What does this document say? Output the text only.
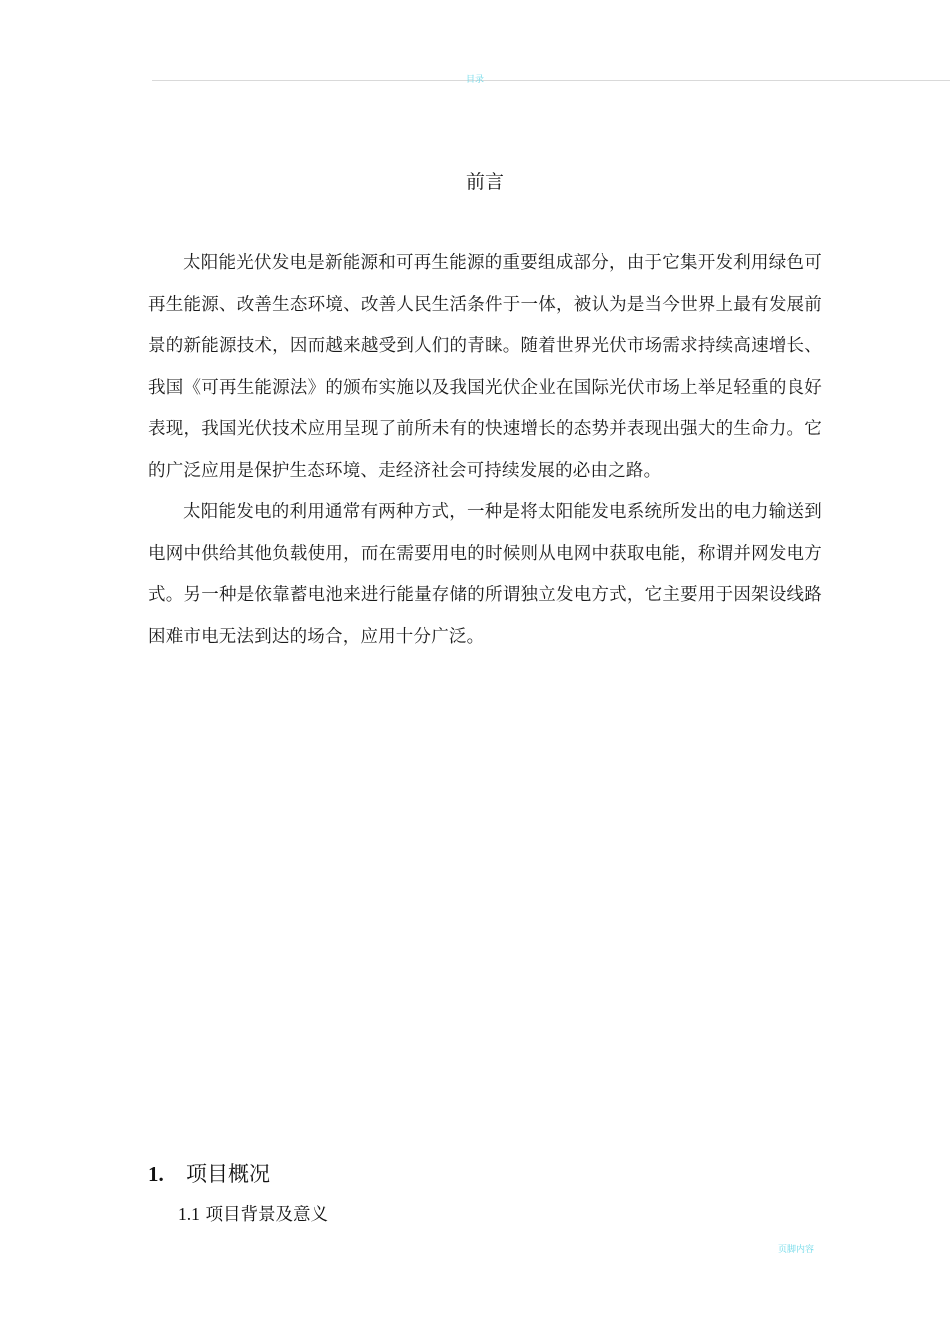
目录
前言

太阳能光伏发电是新能源和可再生能源的重要组成部分，由于它集开发利用绿色可再生能源、改善生态环境、改善人民生活条件于一体，被认为是当今世界上最有发展前景的新能源技术，因而越来越受到人们的青睐。随着世界光伏市场需求持续高速增长、我国《可再生能源法》的颁布实施以及我国光伏企业在国际光伏市场上举足轻重的良好表现，我国光伏技术应用呈现了前所未有的快速增长的态势并表现出强大的生命力。它的广泛应用是保护生态环境、走经济社会可持续发展的必由之路。

太阳能发电的利用通常有两种方式，一种是将太阳能发电系统所发出的电力输送到电网中供给其他负载使用，而在需要用电的时候则从电网中获取电能，称谓并网发电方式。另一种是依靠蓄电池来进行能量存储的所谓独立发电方式，它主要用于因架设线路困难市电无法到达的场合，应用十分广泛。

1. 项目概况
1.1 项目背景及意义
页脚内容
